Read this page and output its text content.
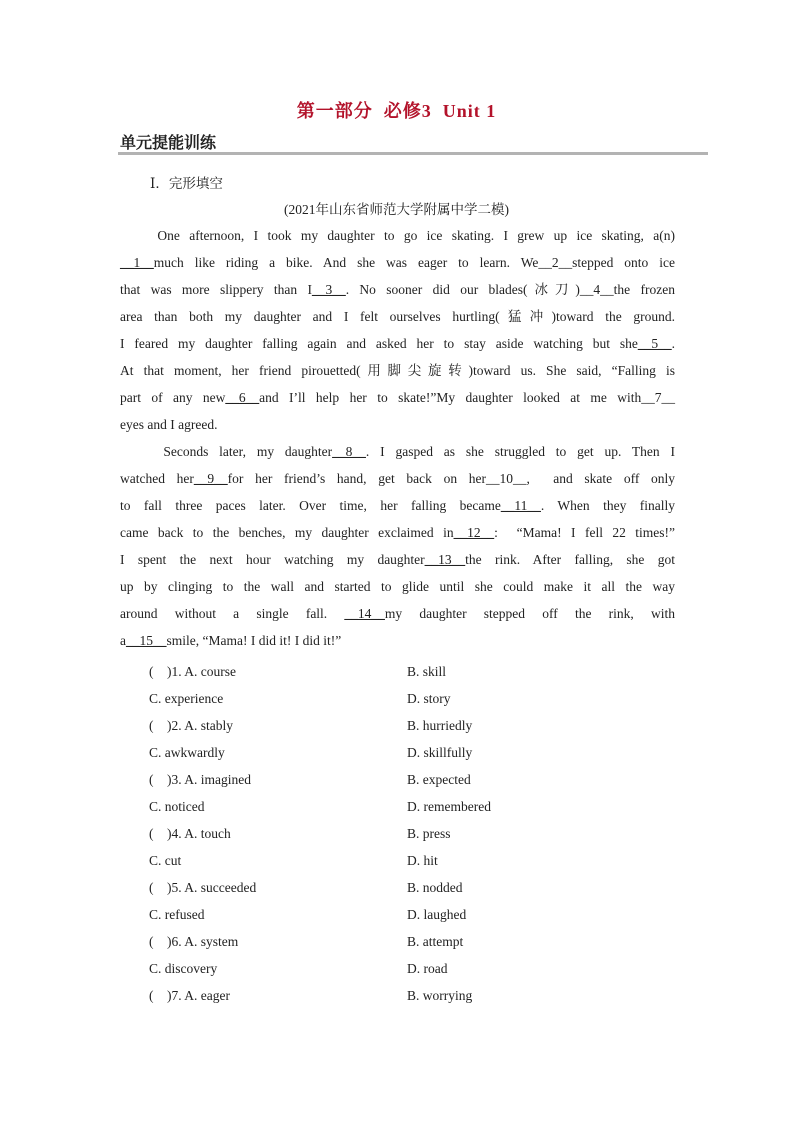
第一部分  必修3  Unit 1
单元提能训练
Ⅰ．完形填空
(2021年山东省师范大学附属中学二模)
One afternoon, I took my daughter to go ice skating. I grew up ice skating, a(n)
__1__much like riding a bike. And she was eager to learn. We__2__stepped onto ice
that was more slippery than I__3__. No sooner did our blades(冰刀)__4__the frozen
area than both my daughter and I felt ourselves hurtling(猛冲)toward the ground.
I feared my daughter falling again and asked her to stay aside watching but she__5__.
At that moment, her friend pirouetted(用脚尖旋转)toward us. She said, “Falling is
part of any new__6__and I’ll help her to skate!”My daughter looked at me with__7__
eyes and I agreed.
Seconds later, my daughter__8__. I gasped as she struggled to get up. Then I
watched her__9__for her friend’s hand, get back on her__10__,  and skate off only
to fall three paces later. Over time, her falling became__11__. When they finally
came back to the benches, my daughter exclaimed in__12__:  “Mama! I fell 22 times!”
I spent the next hour watching my daughter__13__the rink. After falling, she got
up by clinging to the wall and started to glide until she could make it all the way
around without a single fall. __14__my daughter stepped off the rink, with
a__15__smile, “Mama! I did it! I did it!”
(    )1. A. course	B. skill
C. experience	D. story
(    )2. A. stably	B. hurriedly
C. awkwardly	D. skillfully
(    )3. A. imagined	B. expected
C. noticed	D. remembered
(    )4. A. touch	B. press
C. cut	D. hit
(    )5. A. succeeded	B. nodded
C. refused	D. laughed
(    )6. A. system	B. attempt
C. discovery	D. road
(    )7. A. eager	B. worrying
